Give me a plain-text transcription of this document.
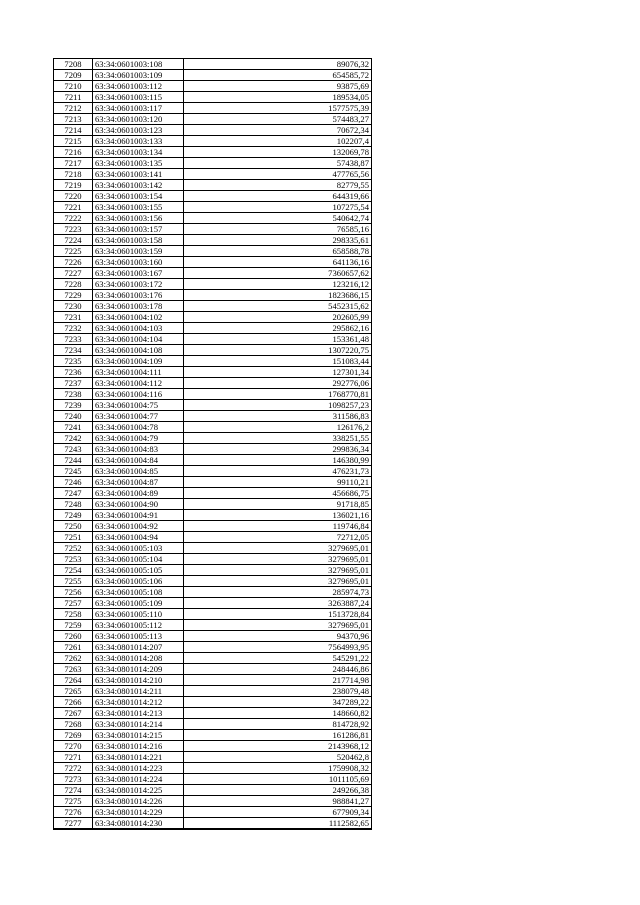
7208	63:34:0601003:108	89076,32
7209	63:34:0601003:109	654585,72
7210	63:34:0601003:112	93875,69
7211	63:34:0601003:115	189534,05
7212	63:34:0601003:117	1577575,39
7213	63:34:0601003:120	574483,27
7214	63:34:0601003:123	70672,34
7215	63:34:0601003:133	102207,4
7216	63:34:0601003:134	132069,78
7217	63:34:0601003:135	57438,87
7218	63:34:0601003:141	477765,56
7219	63:34:0601003:142	82779,55
7220	63:34:0601003:154	644319,66
7221	63:34:0601003:155	107275,54
7222	63:34:0601003:156	540642,74
7223	63:34:0601003:157	76585,16
7224	63:34:0601003:158	298335,61
7225	63:34:0601003:159	658588,78
7226	63:34:0601003:160	641136,16
7227	63:34:0601003:167	7360657,62
7228	63:34:0601003:172	123216,12
7229	63:34:0601003:176	1823686,15
7230	63:34:0601003:178	5452315,62
7231	63:34:0601004:102	202605,99
7232	63:34:0601004:103	295862,16
7233	63:34:0601004:104	153361,48
7234	63:34:0601004:108	1307220,75
7235	63:34:0601004:109	151083,44
7236	63:34:0601004:111	127301,34
7237	63:34:0601004:112	292776,06
7238	63:34:0601004:116	1768770,81
7239	63:34:0601004:75	1098257,23
7240	63:34:0601004:77	311586,83
7241	63:34:0601004:78	126176,2
7242	63:34:0601004:79	338251,55
7243	63:34:0601004:83	299836,34
7244	63:34:0601004:84	146380,99
7245	63:34:0601004:85	476231,73
7246	63:34:0601004:87	99110,21
7247	63:34:0601004:89	456686,75
7248	63:34:0601004:90	91718,85
7249	63:34:0601004:91	136021,16
7250	63:34:0601004:92	119746,84
7251	63:34:0601004:94	72712,05
7252	63:34:0601005:103	3279695,01
7253	63:34:0601005:104	3279695,01
7254	63:34:0601005:105	3279695,01
7255	63:34:0601005:106	3279695,01
7256	63:34:0601005:108	285974,73
7257	63:34:0601005:109	3263887,24
7258	63:34:0601005:110	1513728,84
7259	63:34:0601005:112	3279695,01
7260	63:34:0601005:113	94370,96
7261	63:34:0801014:207	7564993,95
7262	63:34:0801014:208	545291,22
7263	63:34:0801014:209	248446,86
7264	63:34:0801014:210	217714,98
7265	63:34:0801014:211	238079,48
7266	63:34:0801014:212	347289,22
7267	63:34:0801014:213	148660,82
7268	63:34:0801014:214	814728,92
7269	63:34:0801014:215	161286,81
7270	63:34:0801014:216	2143968,12
7271	63:34:0801014:221	520462,8
7272	63:34:0801014:223	1759908,32
7273	63:34:0801014:224	1011105,69
7274	63:34:0801014:225	249266,38
7275	63:34:0801014:226	988841,27
7276	63:34:0801014:229	677909,34
7277	63:34:0801014:230	1112582,65
